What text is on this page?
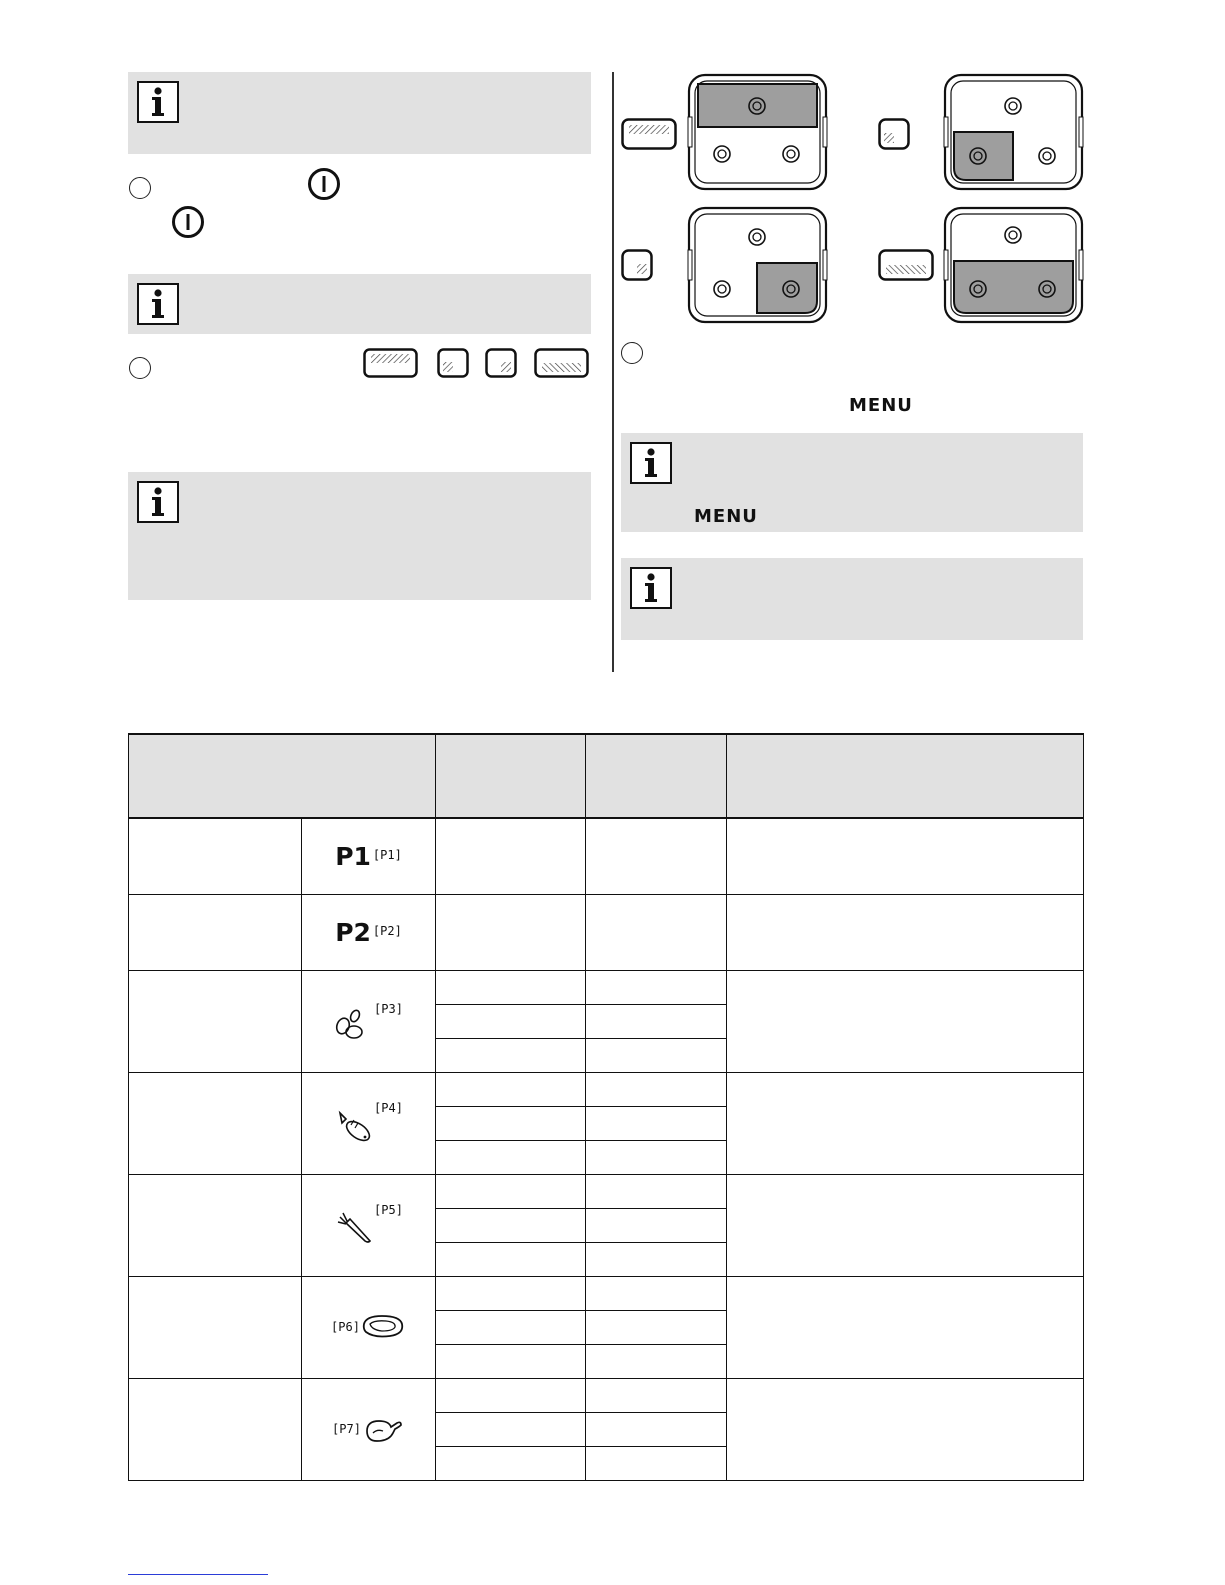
MENU
MENU

	P1 [P1]			
	P2 [P2]			
	[P3]			

	[P4]			

	[P5]			

	[P6]			

	[P7]			
